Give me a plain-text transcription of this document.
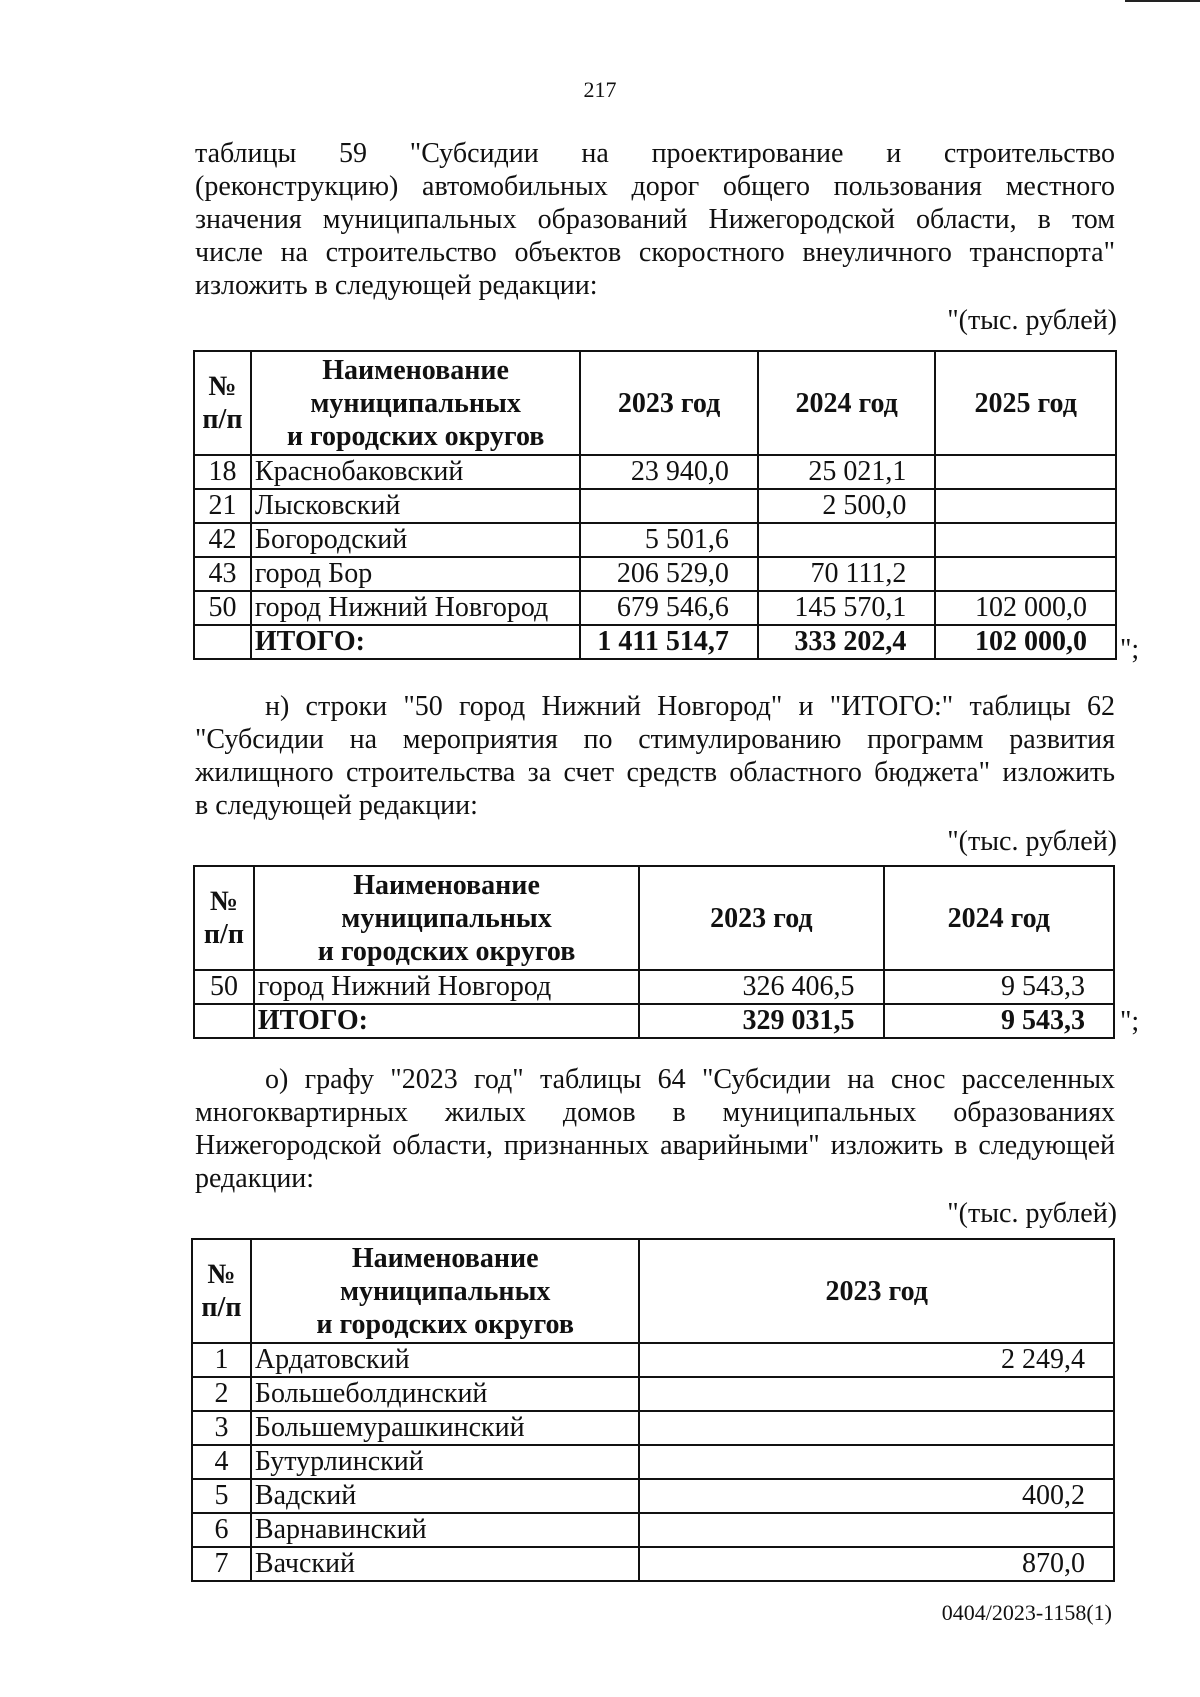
217
таблицы 59 "Субсидии на проектирование и строительство
(реконструкцию) автомобильных дорог общего пользования местного
значения муниципальных образований Нижегородской области, в том
числе на строительство объектов скоростного внеуличного транспорта"
изложить в следующей редакции:
"(тыс. рублей)
№
п/п	Наименование
муниципальных
и городских округов	2023 год	2024 год	2025 год
18	Краснобаковский	23 940,0	25 021,1	
21	Лысковский		2 500,0	
42	Богородский	5 501,6		
43	город Бор	206 529,0	70 111,2	
50	город Нижний Новгород	679 546,6	145 570,1	102 000,0
	ИТОГО:	1 411 514,7	333 202,4	102 000,0 ";
н) строки "50 город Нижний Новгород" и "ИТОГО:" таблицы 62
"Субсидии на мероприятия по стимулированию программ развития
жилищного строительства за счет средств областного бюджета" изложить
в следующей редакции:
"(тыс. рублей)
№
п/п	Наименование
муниципальных
и городских округов	2023 год	2024 год
50	город Нижний Новгород	326 406,5	9 543,3
	ИТОГО:	329 031,5	9 543,3 ";
о) графу "2023 год" таблицы 64 "Субсидии на снос расселенных
многоквартирных жилых домов в муниципальных образованиях
Нижегородской области, признанных аварийными" изложить в следующей
редакции:
"(тыс. рублей)
№
п/п	Наименование
муниципальных
и городских округов	2023 год
1	Ардатовский	2 249,4
2	Большеболдинский	
3	Большемурашкинский	
4	Бутурлинский	
5	Вадский	400,2
6	Варнавинский	
7	Вачский	870,0
0404/2023-1158(1)
